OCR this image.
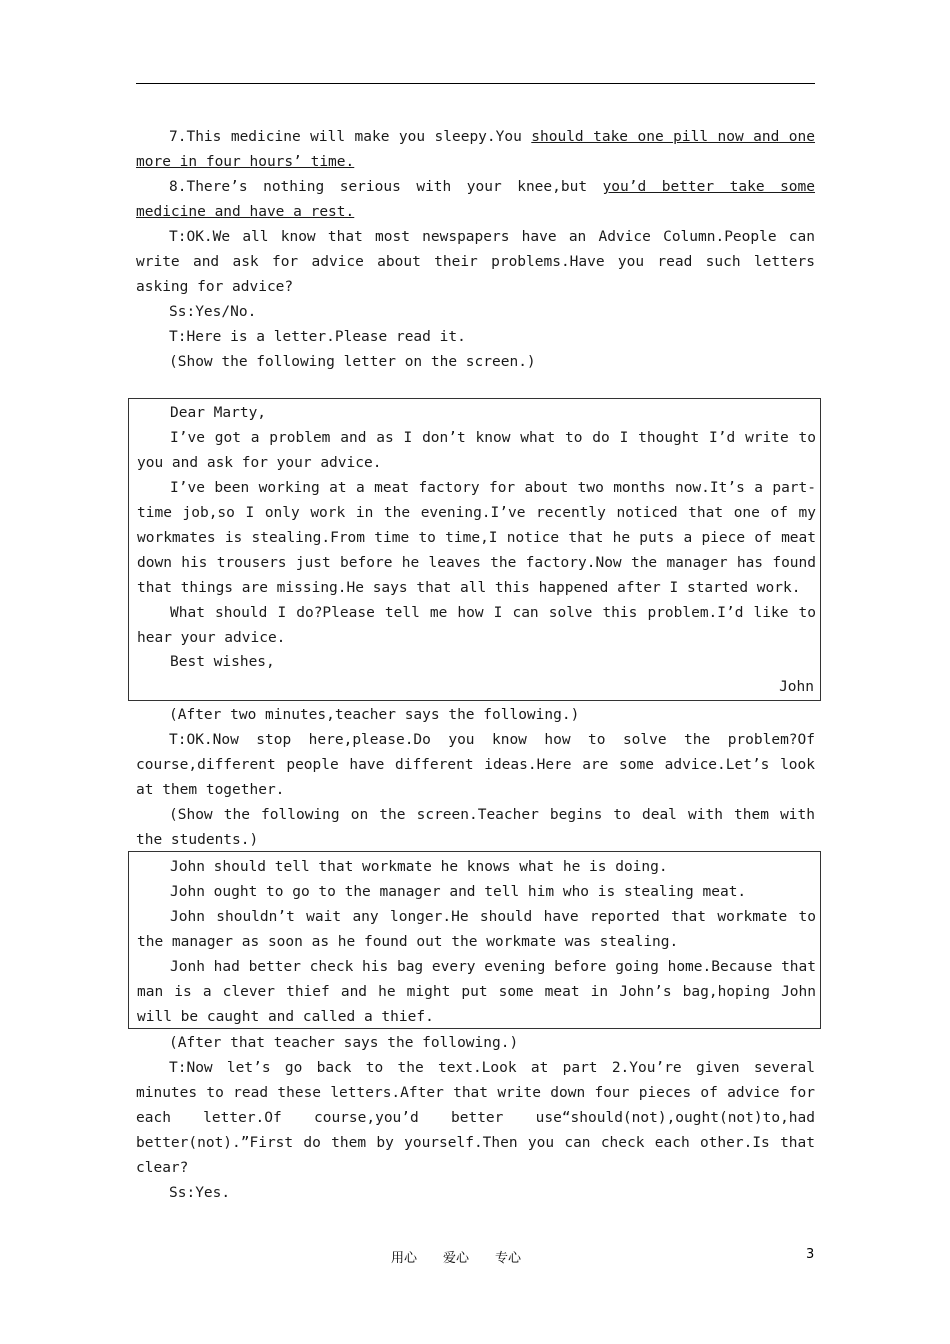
7.This medicine will make you sleepy.You should take one pill now and one more in four hours’ time.
8.There’s nothing serious with your knee,but you’d better take some medicine and have a rest.
T:OK.We all know that most newspapers have an Advice Column.People can write and ask for advice about their problems.Have you read such letters asking for advice?
Ss:Yes/No.
T:Here is a letter.Please read it.
(Show the following letter on the screen.)
Dear Marty,
I’ve got a problem and as I don’t know what to do I thought I’d write to you and ask for your advice.
I’ve been working at a meat factory for about two months now.It’s a part-time job,so I only work in the evening.I’ve recently noticed that one of my workmates is stealing.From time to time,I notice that he puts a piece of meat down his trousers just before he leaves the factory.Now the manager has found that things are missing.He says that all this happened after I started work.
What should I do?Please tell me how I can solve this problem.I’d like to hear your advice.
Best wishes,
John
(After two minutes,teacher says the following.)
T:OK.Now stop here,please.Do you know how to solve the problem?Of course,different people have different ideas.Here are some advice.Let’s look at them together.
(Show the following on the screen.Teacher begins to deal with them with the students.)
John should tell that workmate he knows what he is doing.
John ought to go to the manager and tell him who is stealing meat.
John shouldn’t wait any longer.He should have reported that workmate to the manager as soon as he found out the workmate was stealing.
Jonh had better check his bag every evening before going home.Because that man is a clever thief and he might put some meat in John’s bag,hoping John will be caught and called a thief.
(After that teacher says the following.)
T:Now let’s go back to the text.Look at part 2.You’re given several minutes to read these letters.After that write down four pieces of advice for each letter.Of course,you’d better use“should(not),ought(not)to,had better(not).”First do them by yourself.Then you can check each other.Is that clear?
Ss:Yes.
用心 爱心 专心	3
